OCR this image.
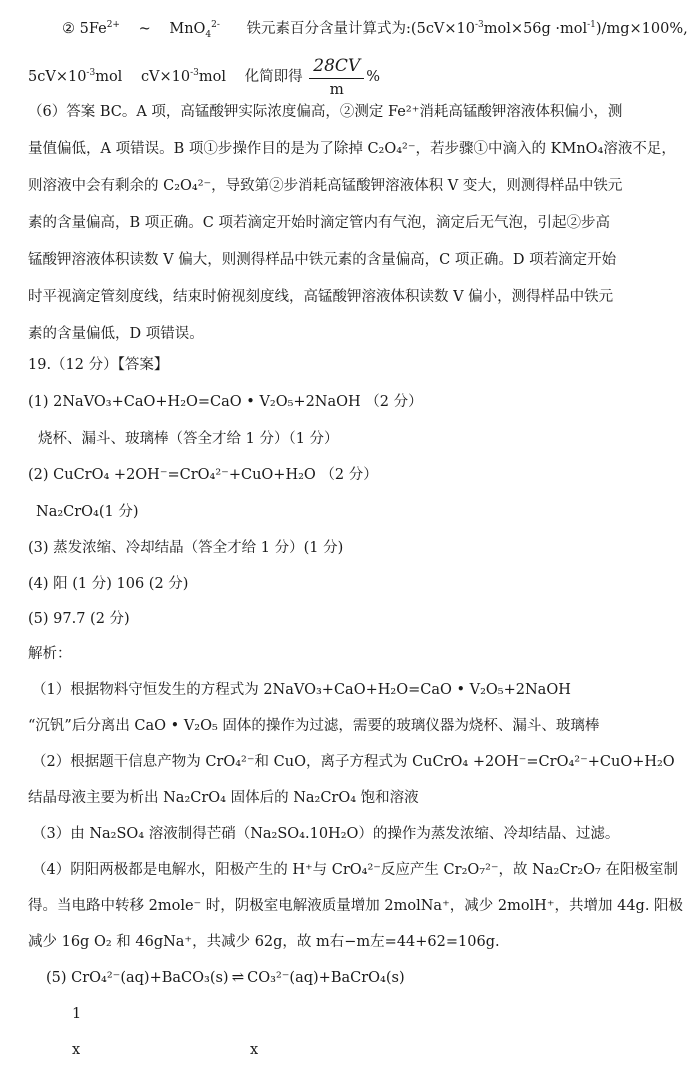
② $5Fe^{2+}$ ~ MnO$_4^{2-}$ 铁元素百分含量计算式为$:(5cV\times 10^{-3}mol\times 56g \cdot mol^{-1})/mg\times 100\%$,
$5cV\times 10^{-3}mol$ $cV\times 10^{-3}mol$ 化简即得 $\frac{28CV}{m}$ %
（6）答案 BC。A 项，高锰酸钾实际浓度偏高，②测定 Fe²⁺消耗高锰酸钾溶液体积偏小，测
量值偏低，A 项错误。B 项①步操作目的是为了除掉 C₂O₄²⁻，若步骤①中滴入的 KMnO₄溶液不足，
则溶液中会有剩余的 C₂O₄²⁻，导致第②步消耗高锰酸钾溶液体积 V 变大，则测得样品中铁元
素的含量偏高，B 项正确。C 项若滴定开始时滴定管内有气泡，滴定后无气泡，引起②步高
锰酸钾溶液体积读数 V 偏大，则测得样品中铁元素的含量偏高，C 项正确。D 项若滴定开始
时平视滴定管刻度线，结束时俯视刻度线，高锰酸钾溶液体积读数 V 偏小，测得样品中铁元
素的含量偏低，D 项错误。
19.（12 分）【答案】
(1) 2NaVO₃+CaO+H₂O=CaO • V₂O₅+2NaOH （2 分）
烧杯、漏斗、玻璃棒（答全才给 1 分）（1 分）
(2) CuCrO₄ +2OH⁻=CrO₄²⁻+CuO+H₂O （2 分）
Na₂CrO₄(1 分)
(3) 蒸发浓缩、冷却结晶（答全才给 1 分）(1 分)
(4) 阳 (1 分) 106 (2 分)
(5) 97.7 (2 分)
解析：
（1）根据物料守恒发生的方程式为 2NaVO₃+CaO+H₂O=CaO • V₂O₅+2NaOH
“沉钒”后分离出 CaO • V₂O₅ 固体的操作为过滤，需要的玻璃仪器为烧杯、漏斗、玻璃棒
（2）根据题干信息产物为 CrO₄²⁻和 CuO，离子方程式为 CuCrO₄ +2OH⁻=CrO₄²⁻+CuO+H₂O
结晶母液主要为析出 Na₂CrO₄ 固体后的 Na₂CrO₄ 饱和溶液
（3）由 Na₂SO₄ 溶液制得芒硝（Na₂SO₄.10H₂O）的操作为蒸发浓缩、冷却结晶、过滤。
（4）阴阳两极都是电解水，阳极产生的 H⁺与 CrO₄²⁻反应产生 Cr₂O₇²⁻，故 Na₂Cr₂O₇ 在阳极室制
得。当电路中转移 2mole⁻ 时，阴极室电解液质量增加 2molNa⁺，减少 2molH⁺，共增加 44g. 阳极
减少 16g O₂ 和 46gNa⁺，共减少 62g，故 m右−m左=44+62=106g.
(5) CrO₄²⁻(aq)+BaCO₃(s) ⇌ CO₃²⁻(aq)+BaCrO₄(s)
1
x	x
